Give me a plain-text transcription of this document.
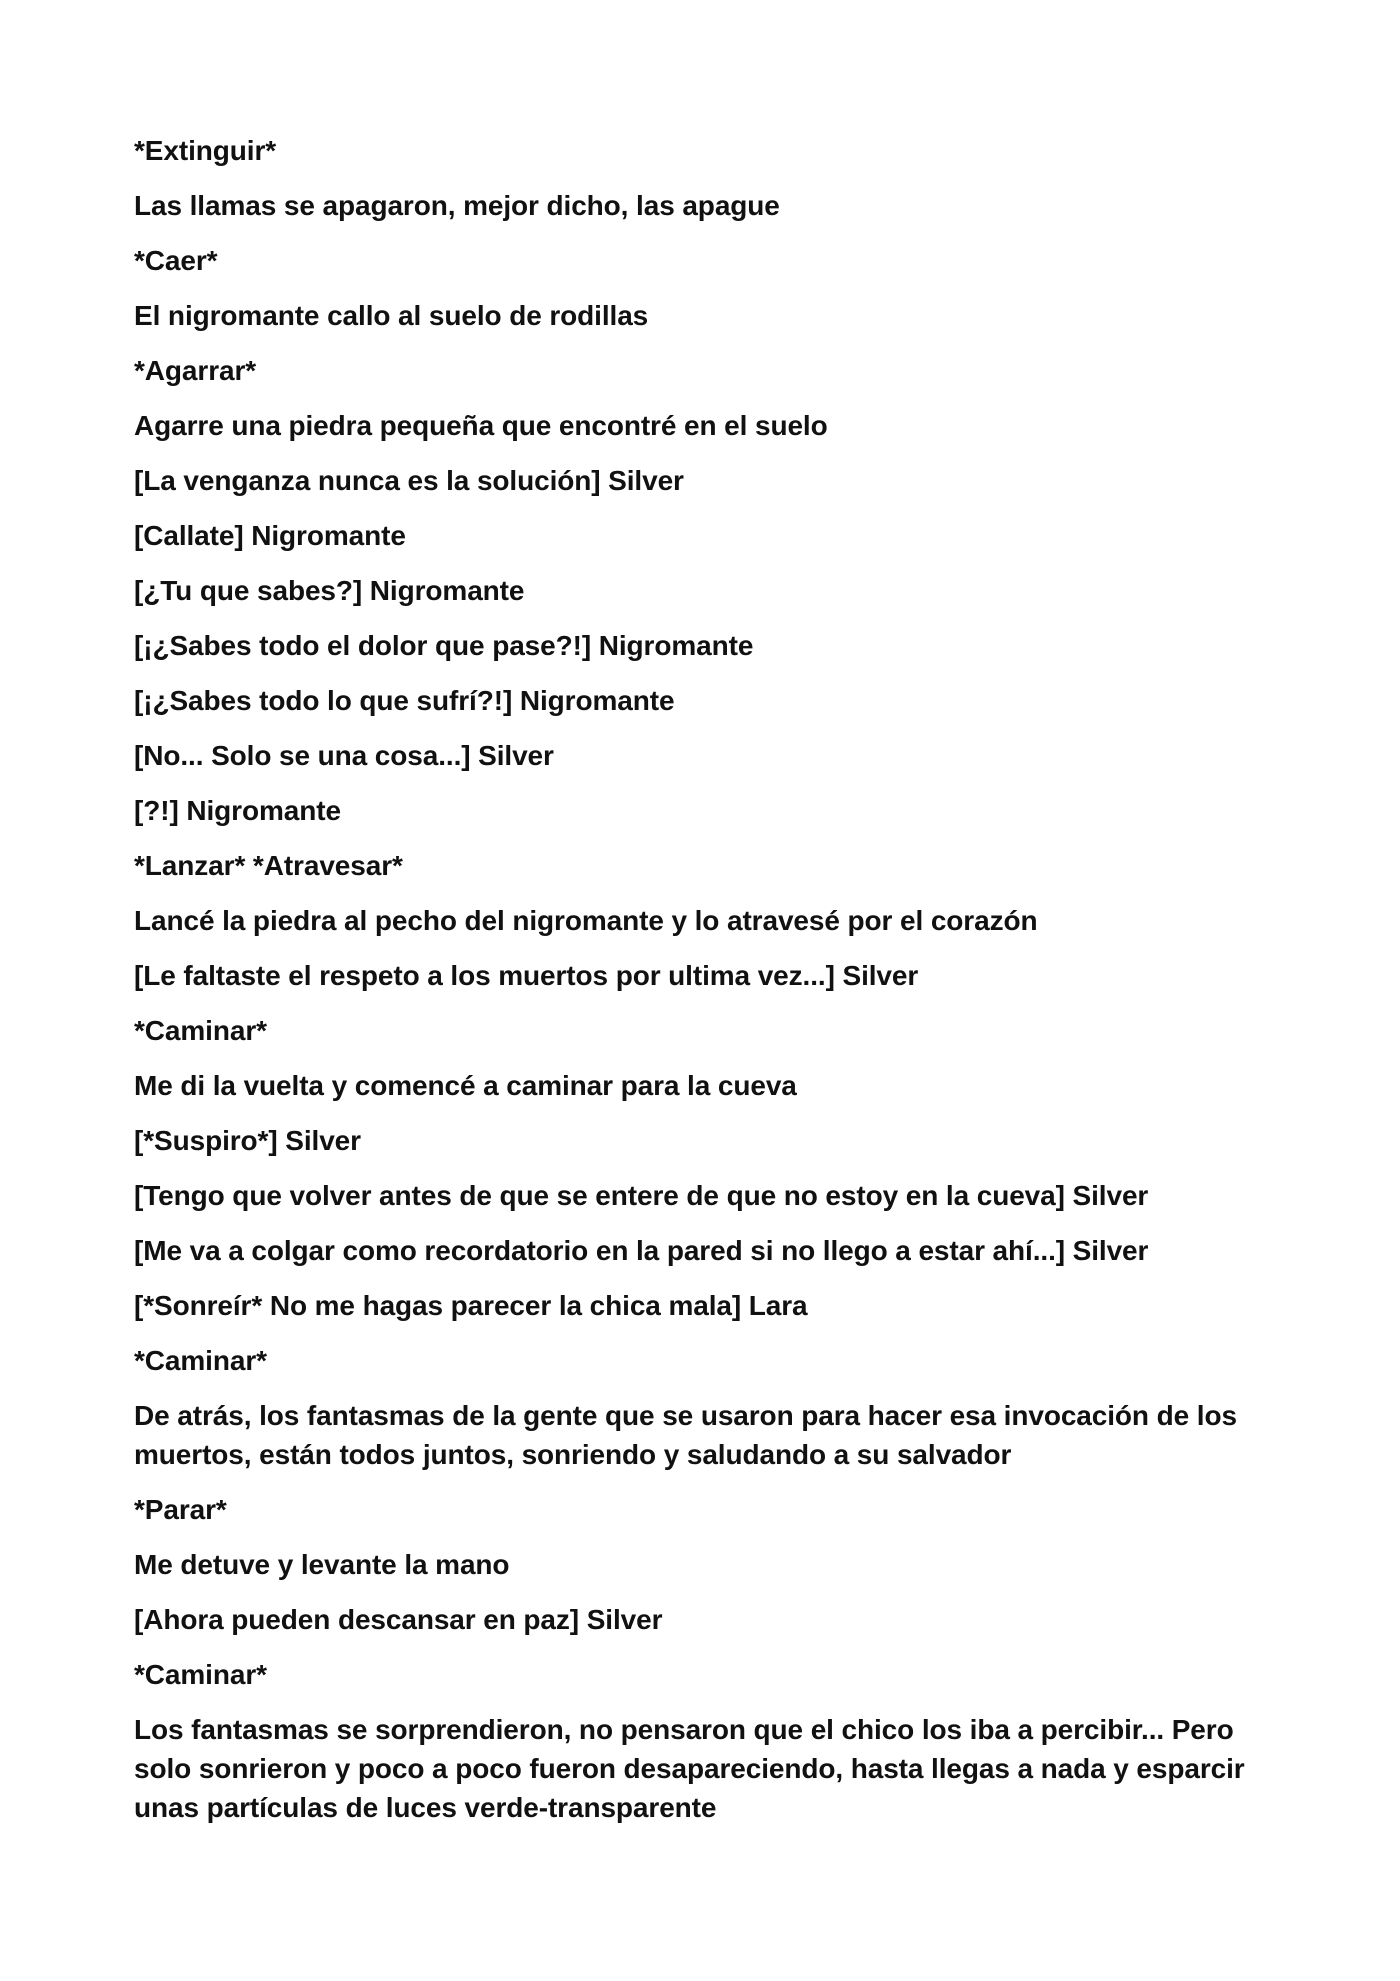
*Extinguir*

Las llamas se apagaron, mejor dicho, las apague

*Caer*

El nigromante callo al suelo de rodillas

*Agarrar*

Agarre una piedra pequeña que encontré en el suelo

[La venganza nunca es la solución] Silver

[Callate] Nigromante

[¿Tu que sabes?] Nigromante

[¡¿Sabes todo el dolor que pase?!] Nigromante

[¡¿Sabes todo lo que sufrí?!] Nigromante

[No... Solo se una cosa...] Silver

[?!] Nigromante

*Lanzar* *Atravesar*

Lancé la piedra al pecho del nigromante y lo atravesé por el corazón

[Le faltaste el respeto a los muertos por ultima vez...] Silver

*Caminar*

Me di la vuelta y comencé a caminar para la cueva

[*Suspiro*] Silver

[Tengo que volver antes de que se entere de que no estoy en la cueva] Silver

[Me va a colgar como recordatorio en la pared si no llego a estar ahí...] Silver

[*Sonreír* No me hagas parecer la chica mala] Lara

*Caminar*

De atrás, los fantasmas de la gente que se usaron para hacer esa invocación de los muertos, están todos juntos, sonriendo y saludando a su salvador

*Parar*

Me detuve y levante la mano

[Ahora pueden descansar en paz] Silver

*Caminar*

Los fantasmas se sorprendieron, no pensaron que el chico los iba a percibir... Pero solo sonrieron y poco a poco fueron desapareciendo, hasta llegas a nada y esparcir unas partículas de luces verde-transparente
